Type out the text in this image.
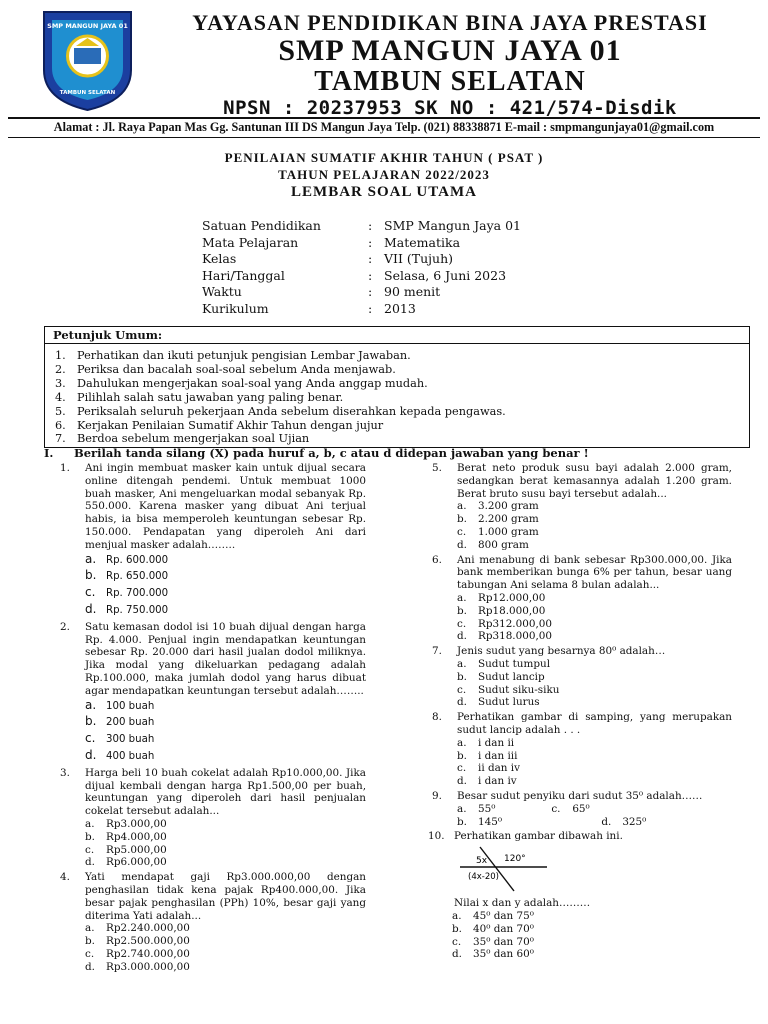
SMP MANGUN JAYA 01
TAMBUN SELATAN
YAYASAN PENDIDIKAN BINA JAYA PRESTASI
SMP MANGUN JAYA 01
TAMBUN SELATAN
NPSN : 20237953 SK NO : 421/574-Disdik
Alamat : Jl. Raya Papan Mas Gg. Santunan III DS Mangun Jaya Telp. (021) 88338871 E-mail : smpmangunjaya01@gmail.com
PENILAIAN SUMATIF AKHIR TAHUN ( PSAT )
TAHUN PELAJARAN 2022/2023
LEMBAR SOAL UTAMA
Satuan Pendidikan	: SMP Mangun Jaya 01
Mata Pelajaran	: Matematika
Kelas	: VII (Tujuh)
Hari/Tanggal	: Selasa, 6 Juni 2023
Waktu	: 90 menit
Kurikulum	: 2013
Petunjuk Umum:
1. Perhatikan dan ikuti petunjuk pengisian Lembar Jawaban.
2. Periksa dan bacalah soal-soal sebelum Anda menjawab.
3. Dahulukan mengerjakan soal-soal yang Anda anggap mudah.
4. Pilihlah salah satu jawaban yang paling benar.
5. Periksalah seluruh pekerjaan Anda sebelum diserahkan kepada pengawas.
6. Kerjakan Penilaian Sumatif Akhir Tahun dengan jujur
7. Berdoa sebelum mengerjakan soal Ujian
I. Berilah tanda silang (X) pada huruf a, b, c atau d didepan jawaban yang benar !
1. Ani ingin membuat masker kain untuk dijual secara online ditengah pendemi. Untuk membuat 1000 buah masker, Ani mengeluarkan modal sebanyak Rp. 550.000. Karena masker yang dibuat Ani terjual habis, ia bisa memperoleh keuntungan sebesar Rp. 150.000. Pendapatan yang diperoleh Ani dari menjual masker adalah……..
a. Rp. 600.000
b. Rp. 650.000
c. Rp. 700.000
d. Rp. 750.000
2. Satu kemasan dodol isi 10 buah dijual dengan harga Rp. 4.000. Penjual ingin mendapatkan keuntungan sebesar Rp. 20.000 dari hasil jualan dodol miliknya. Jika modal yang dikeluarkan pedagang adalah Rp.100.000, maka jumlah dodol yang harus dibuat agar mendapatkan keuntungan tersebut adalah……..
a. 100 buah
b. 200 buah
c. 300 buah
d. 400 buah
3. Harga beli 10 buah cokelat adalah Rp10.000,00. Jika dijual kembali dengan harga Rp1.500,00 per buah, keuntungan yang diperoleh dari hasil penjualan cokelat tersebut adalah...
a. Rp3.000,00
b. Rp4.000,00
c. Rp5.000,00
d. Rp6.000,00
4. Yati mendapat gaji Rp3.000.000,00 dengan penghasilan tidak kena pajak Rp400.000,00. Jika besar pajak penghasilan (PPh) 10%, besar gaji yang diterima Yati adalah...
a. Rp2.240.000,00
b. Rp2.500.000,00
c. Rp2.740.000,00
d. Rp3.000.000,00
5. Berat neto produk susu bayi adalah 2.000 gram, sedangkan berat kemasannya adalah 1.200 gram. Berat bruto susu bayi tersebut adalah...
a. 3.200 gram
b. 2.200 gram
c. 1.000 gram
d. 800 gram
6. Ani menabung di bank sebesar Rp300.000,00. Jika bank memberikan bunga 6% per tahun, besar uang tabungan Ani selama 8 bulan adalah...
a. Rp12.000,00
b. Rp18.000,00
c. Rp312.000,00
d. Rp318.000,00
7. Jenis sudut yang besarnya 80⁰ adalah…
a. Sudut tumpul
b. Sudut lancip
c. Sudut siku-siku
d. Sudut lurus
8. Perhatikan gambar di samping, yang merupakan sudut lancip adalah . . .
a. i dan ii
b. i dan iii
c. ii dan iv
d. i dan iv
9. Besar sudut penyiku dari sudut 35⁰ adalah……
a. 55⁰	c. 65⁰
b. 145⁰	d. 325⁰
10. Perhatikan gambar dibawah ini.
5x 120°
(4x-20)
Nilai x dan y adalah………
a. 45⁰ dan 75⁰
b. 40⁰ dan 70⁰
c. 35⁰ dan 70⁰
d. 35⁰ dan 60⁰
